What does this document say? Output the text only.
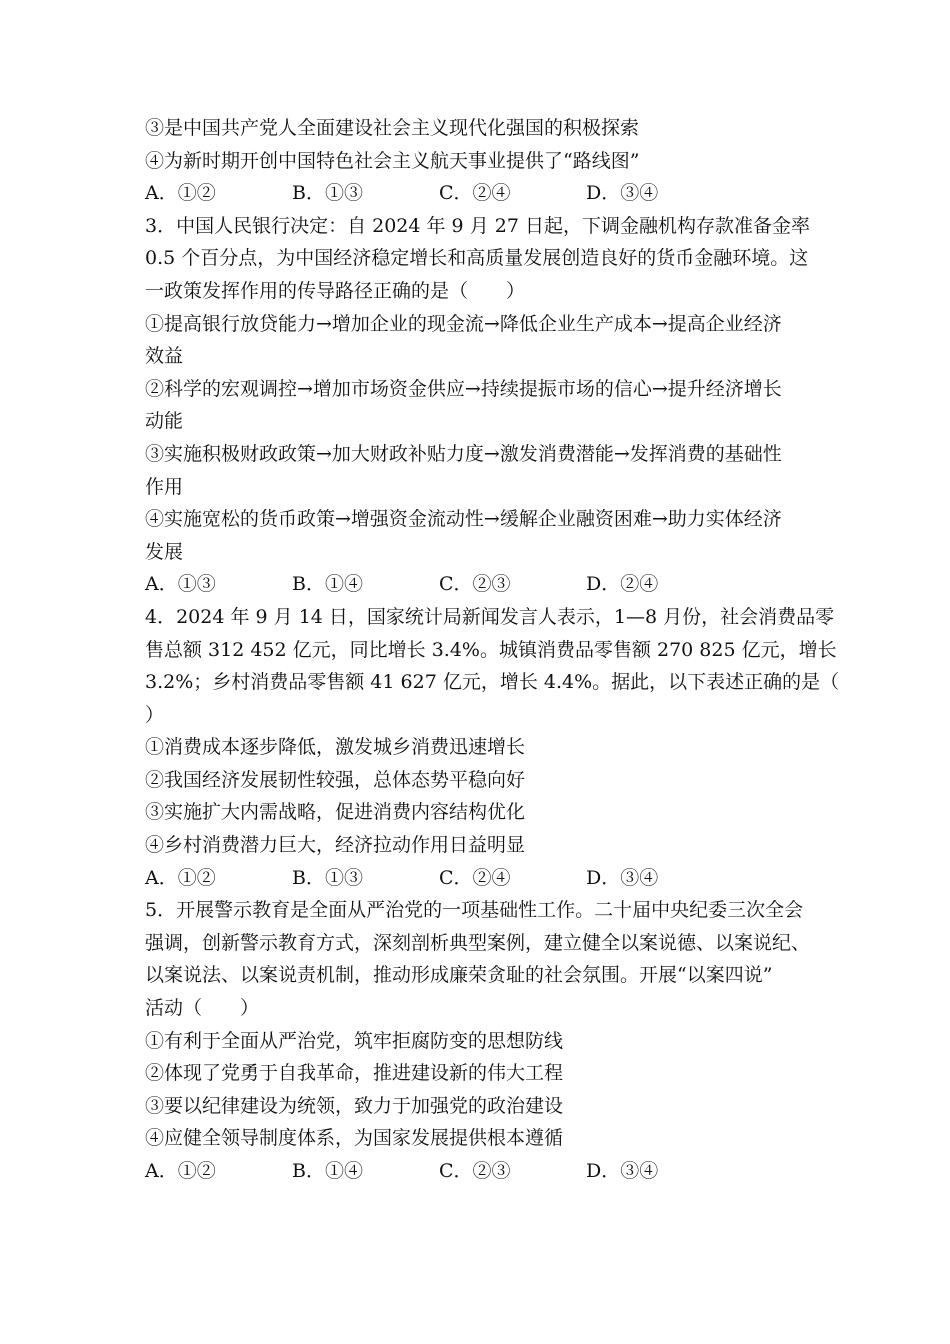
③是中国共产党人全面建设社会主义现代化强国的积极探索
④为新时期开创中国特色社会主义航天事业提供了“路线图”
A．①②	B．①③	C．②④	D．③④
3．中国人民银行决定：自 2024 年 9 月 27 日起，下调金融机构存款准备金率
0.5 个百分点，为中国经济稳定增长和高质量发展创造良好的货币金融环境。这
一政策发挥作用的传导路径正确的是（　　）
①提高银行放贷能力→增加企业的现金流→降低企业生产成本→提高企业经济
效益
②科学的宏观调控→增加市场资金供应→持续提振市场的信心→提升经济增长
动能
③实施积极财政政策→加大财政补贴力度→激发消费潜能→发挥消费的基础性
作用
④实施宽松的货币政策→增强资金流动性→缓解企业融资困难→助力实体经济
发展
A．①③	B．①④	C．②③	D．②④
4．2024 年 9 月 14 日，国家统计局新闻发言人表示，1—8 月份，社会消费品零
售总额 312 452 亿元，同比增长 3.4%。城镇消费品零售额 270 825 亿元，增长
3.2%；乡村消费品零售额 41 627 亿元，增长 4.4%。据此，以下表述正确的是（
）
①消费成本逐步降低，激发城乡消费迅速增长
②我国经济发展韧性较强，总体态势平稳向好
③实施扩大内需战略，促进消费内容结构优化
④乡村消费潜力巨大，经济拉动作用日益明显
A．①②	B．①③	C．②④	D．③④
5．开展警示教育是全面从严治党的一项基础性工作。二十届中央纪委三次全会
强调，创新警示教育方式，深刻剖析典型案例，建立健全以案说德、以案说纪、
以案说法、以案说责机制，推动形成廉荣贪耻的社会氛围。开展“以案四说”
活动（　　）
①有利于全面从严治党，筑牢拒腐防变的思想防线
②体现了党勇于自我革命，推进建设新的伟大工程
③要以纪律建设为统领，致力于加强党的政治建设
④应健全领导制度体系，为国家发展提供根本遵循
A．①②	B．①④	C．②③	D．③④
